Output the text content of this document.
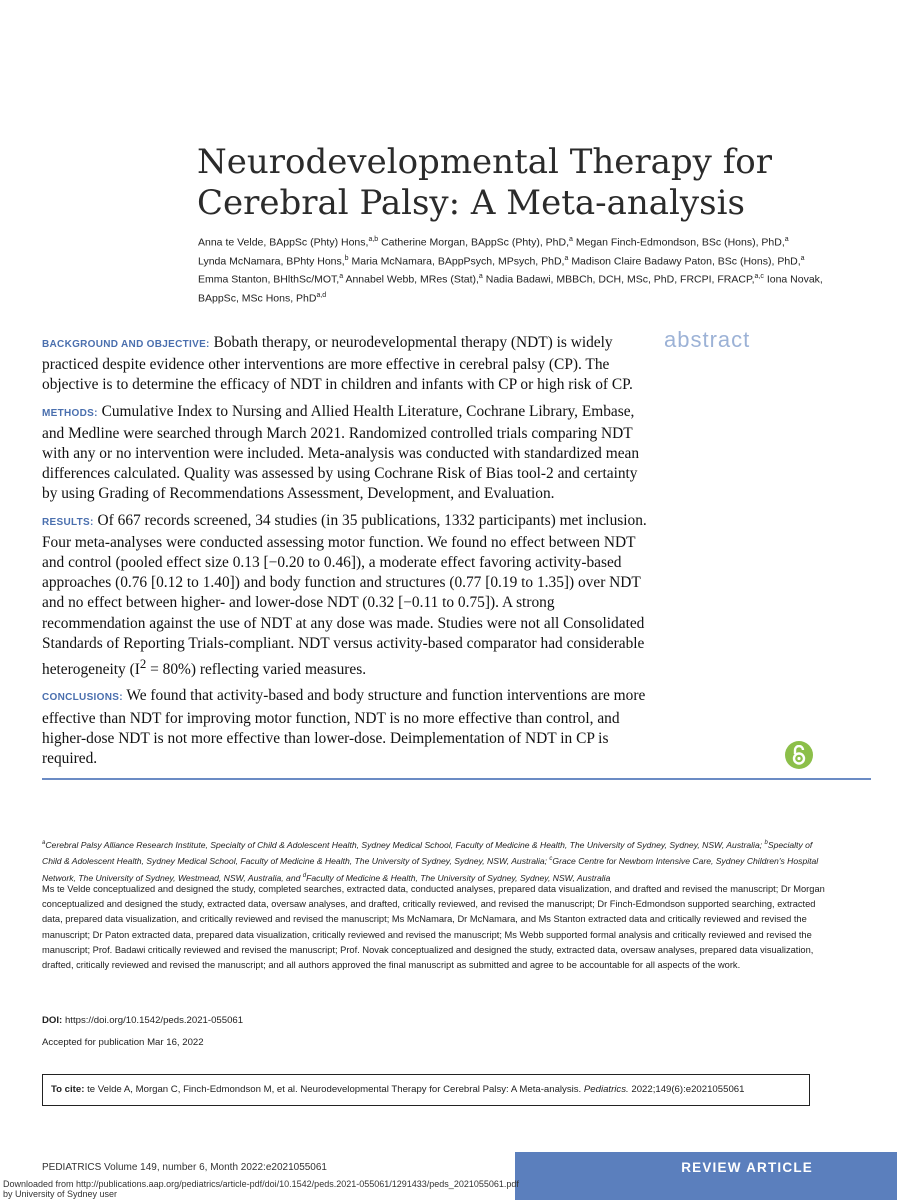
Neurodevelopmental Therapy for
Cerebral Palsy: A Meta-analysis
Anna te Velde, BAppSc (Phty) Hons,$^{a,b}$ Catherine Morgan, BAppSc (Phty), PhD,$^a$ Megan Finch-Edmondson, BSc (Hons), PhD,$^a$
Lynda McNamara, BPhty Hons,$^b$ Maria McNamara, BAppPsych, MPsych, PhD,$^a$ Madison Claire Badawy Paton, BSc (Hons), PhD,$^a$ Emma Stanton, BHlthSc/MOT,$^a$ Annabel Webb, MRes (Stat),$^a$ Nadia Badawi, MBBCh, DCH, MSc, PhD, FRCPI, FRACP,$^{a,c}$ Iona Novak, BAppSc, MSc Hons, PhD$^{a,d}$
abstract

BACKGROUND AND OBJECTIVE: Bobath therapy, or neurodevelopmental therapy (NDT) is widely practiced despite evidence other interventions are more effective in cerebral palsy (CP). The objective is to determine the efficacy of NDT in children and infants with CP or high risk of CP.

METHODS: Cumulative Index to Nursing and Allied Health Literature, Cochrane Library, Embase, and Medline were searched through March 2021. Randomized controlled trials comparing NDT with any or no intervention were included. Meta-analysis was conducted with standardized mean differences calculated. Quality was assessed by using Cochrane Risk of Bias tool-2 and certainty by using Grading of Recommendations Assessment, Development, and Evaluation.

RESULTS: Of 667 records screened, 34 studies (in 35 publications, 1332 participants) met inclusion. Four meta-analyses were conducted assessing motor function. We found no effect between NDT and control (pooled effect size 0.13 [−0.20 to 0.46]), a moderate effect favoring activity-based approaches (0.76 [0.12 to 1.40]) and body function and structures (0.77 [0.19 to 1.35]) over NDT and no effect between higher- and lower-dose NDT (0.32 [−0.11 to 0.75]). A strong recommendation against the use of NDT at any dose was made. Studies were not all Consolidated Standards of Reporting Trials-compliant. NDT versus activity-based comparator had considerable heterogeneity $(I^2 = 80\%)$ reflecting varied measures.

CONCLUSIONS: We found that activity-based and body structure and function interventions are more effective than NDT for improving motor function, NDT is no more effective than control, and higher-dose NDT is not more effective than lower-dose. Deimplementation of NDT in CP is required.

$^a$Cerebral Palsy Alliance Research Institute, Specialty of Child & Adolescent Health, Sydney Medical School, Faculty of Medicine & Health, The University of Sydney, Sydney, NSW, Australia; $^b$Specialty of Child & Adolescent Health, Sydney Medical School, Faculty of Medicine & Health, The University of Sydney, Sydney, NSW, Australia; $^c$Grace Centre for Newborn Intensive Care, Sydney Children's Hospital Network, The University of Sydney, Westmead, NSW, Australia, and $^d$Faculty of Medicine & Health, The University of Sydney, Sydney, NSW, Australia
Ms te Velde conceptualized and designed the study, completed searches, extracted data, conducted analyses, prepared data visualization, and drafted and revised the manuscript; Dr Morgan conceptualized and designed the study, extracted data, oversaw analyses, and drafted, critically reviewed, and revised the manuscript; Dr Finch-Edmondson supported searching, extracted data, prepared data visualization, and critically reviewed and revised the manuscript; Ms McNamara, Dr McNamara, and Ms Stanton extracted data and critically reviewed and revised the manuscript; Dr Paton extracted data, prepared data visualization, critically reviewed and revised the manuscript; Ms Webb supported formal analysis and critically reviewed and revised the manuscript; Prof. Badawi critically reviewed and revised the manuscript; Prof. Novak conceptualized and designed the study, extracted data, oversaw analyses, prepared data visualization, drafted, critically reviewed and revised the manuscript; and all authors approved the final manuscript as submitted and agree to be accountable for all aspects of the work.
DOI: https://doi.org/10.1542/peds.2021-055061
Accepted for publication Mar 16, 2022
To cite: te Velde A, Morgan C, Finch-Edmondson M, et al. Neurodevelopmental Therapy for Cerebral Palsy: A Meta-analysis. Pediatrics. 2022;149(6):e2021055061
PEDIATRICS Volume 149, number 6, Month 2022:e2021055061	REVIEW ARTICLE
Downloaded from http://publications.aap.org/pediatrics/article-pdf/doi/10.1542/peds.2021-055061/1291433/peds_2021055061.pdf
by University of Sydney user
